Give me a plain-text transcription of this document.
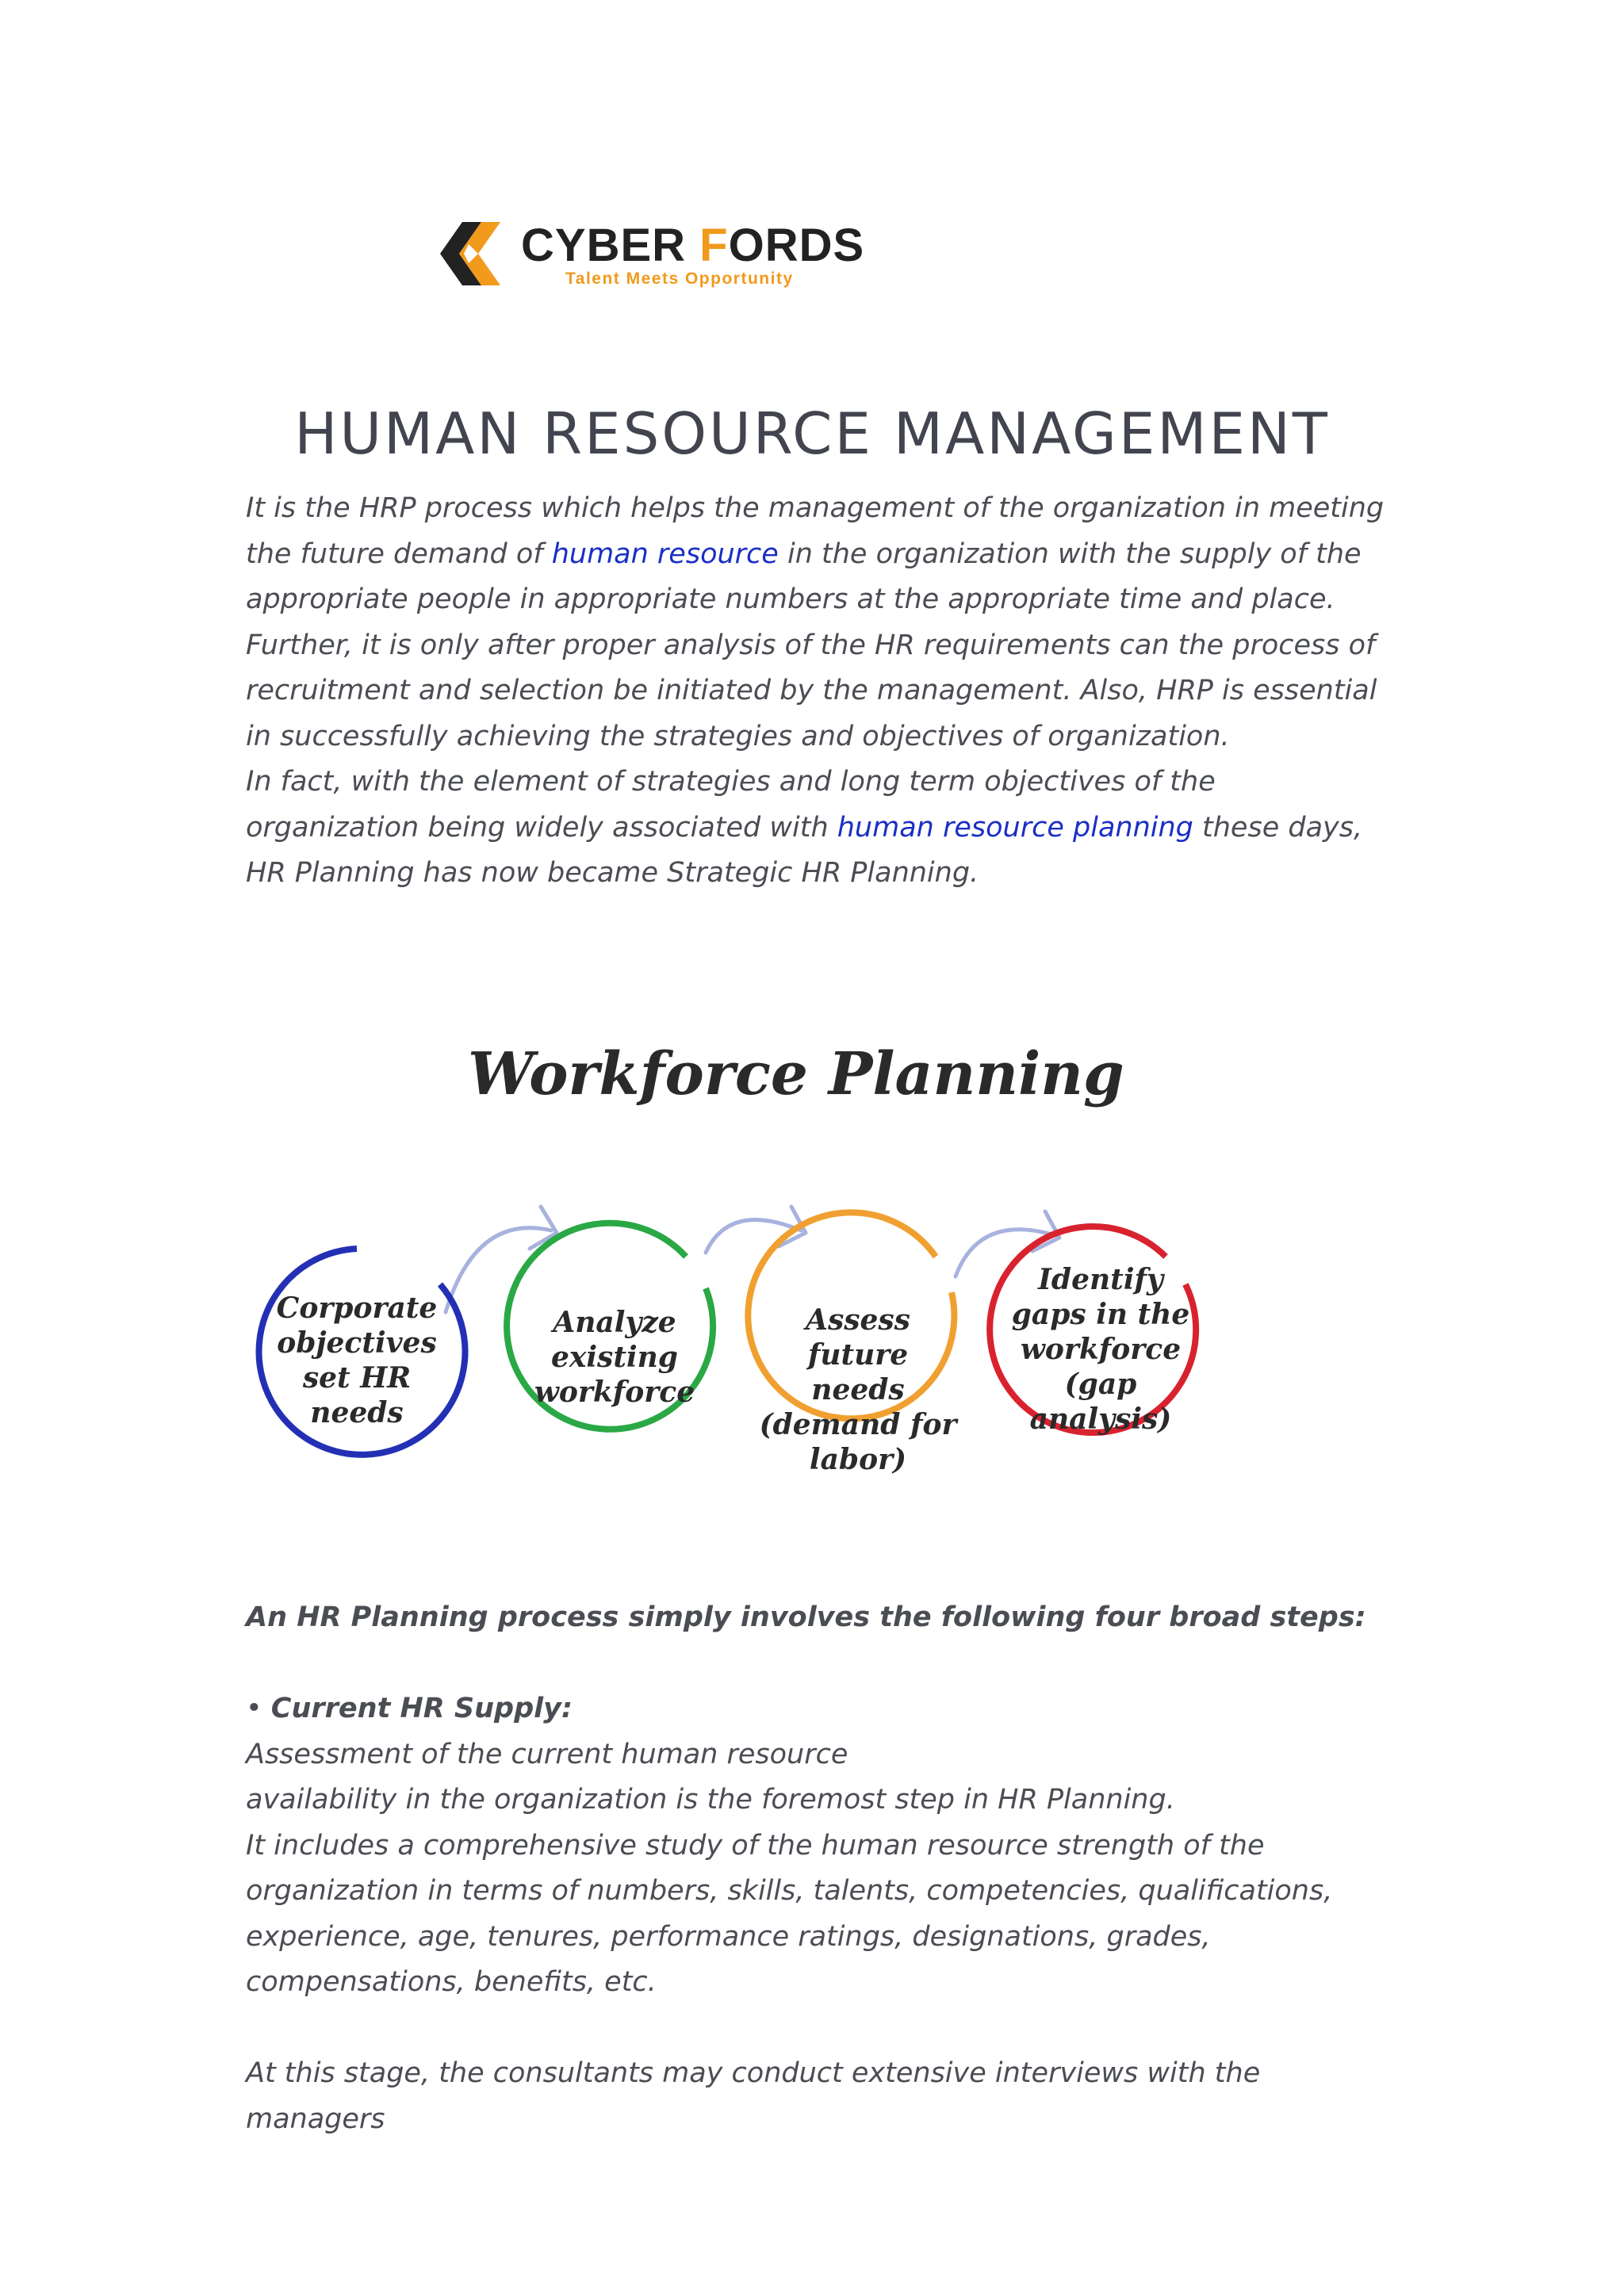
CYBER FORDS
Talent Meets Opportunity
HUMAN RESOURCE MANAGEMENT

It is the HRP process which helps the management of the organization in meeting the future demand of human resource in the organization with the supply of the appropriate people in appropriate numbers at the appropriate time and place. Further, it is only after proper analysis of the HR requirements can the process of recruitment and selection be initiated by the management. Also, HRP is essential in successfully achieving the strategies and objectives of organization.

In fact, with the element of strategies and long term objectives of the organization being widely associated with human resource planning these days, HR Planning has now became Strategic HR Planning.

Workforce Planning
Corporate objectives set HR needs
Analyze existing workforce
Assess future needs (demand for labor)
Identify gaps in the workforce (gap analysis)
An HR Planning process simply involves the following four broad steps:

• Current HR Supply:

Assessment of the current human resource

availability in the organization is the foremost step in HR Planning.

It includes a comprehensive study of the human resource strength of the organization in terms of numbers, skills, talents, competencies, qualifications, experience, age, tenures, performance ratings, designations, grades, compensations, benefits, etc.

At this stage, the consultants may conduct extensive interviews with the managers
